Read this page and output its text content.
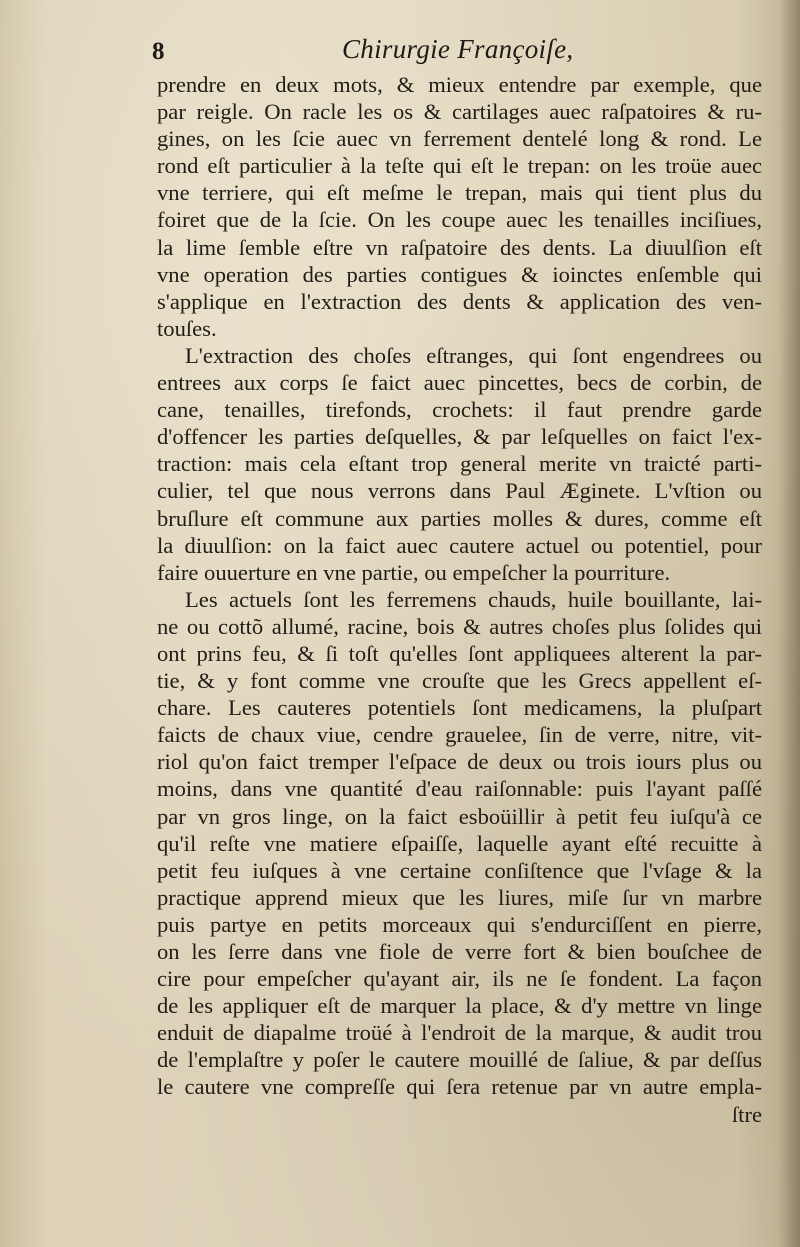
8	Chirurgie Françoiſe,
prendre en deux mots, & mieux entendre par exemple, que
par reigle. On racle les os & cartilages auec raſpatoires & ru-
gines, on les ſcie auec vn ferrement dentelé long & rond. Le
rond eſt particulier à la teſte qui eſt le trepan: on les troüe auec
vne terriere, qui eſt meſme le trepan, mais qui tient plus du
foiret que de la ſcie. On les coupe auec les tenailles inciſiues,
la lime ſemble eſtre vn raſpatoire des dents. La diuulſion eſt
vne operation des parties contigues & ioinctes enſemble qui
s'applique en l'extraction des dents & application des ven-
touſes.
L'extraction des choſes eſtranges, qui ſont engendrees ou
entrees aux corps ſe faict auec pincettes, becs de corbin, de
cane, tenailles, tirefonds, crochets: il faut prendre garde
d'offencer les parties deſquelles, & par leſquelles on faict l'ex-
traction: mais cela eſtant trop general merite vn traicté parti-
culier, tel que nous verrons dans Paul Æginete. L'vſtion ou
bruſlure eſt commune aux parties molles & dures, comme eſt
la diuulſion: on la faict auec cautere actuel ou potentiel, pour
faire ouuerture en vne partie, ou empeſcher la pourriture.
Les actuels ſont les ferremens chauds, huile bouillante, lai-
ne ou cottõ allumé, racine, bois & autres choſes plus ſolides qui
ont prins feu, & ſi toſt qu'elles ſont appliquees alterent la par-
tie, & y font comme vne crouſte que les Grecs appellent eſ-
chare. Les cauteres potentiels ſont medicamens, la pluſpart
faicts de chaux viue, cendre grauelee, ſin de verre, nitre, vit-
riol qu'on faict tremper l'eſpace de deux ou trois iours plus ou
moins, dans vne quantité d'eau raiſonnable: puis l'ayant paſſé
par vn gros linge, on la faict esboüillir à petit feu iuſqu'à ce
qu'il reſte vne matiere eſpaiſſe, laquelle ayant eſté recuitte à
petit feu iuſques à vne certaine conſiſtence que l'vſage & la
practique apprend mieux que les liures, miſe ſur vn marbre
puis partye en petits morceaux qui s'endurciſſent en pierre,
on les ſerre dans vne fiole de verre fort & bien bouſchee de
cire pour empeſcher qu'ayant air, ils ne ſe fondent. La façon
de les appliquer eſt de marquer la place, & d'y mettre vn linge
enduit de diapalme troüé à l'endroit de la marque, & audit trou
de l'emplaſtre y poſer le cautere mouillé de ſaliue, & par deſſus
le cautere vne compreſſe qui ſera retenue par vn autre empla-
ſtre
